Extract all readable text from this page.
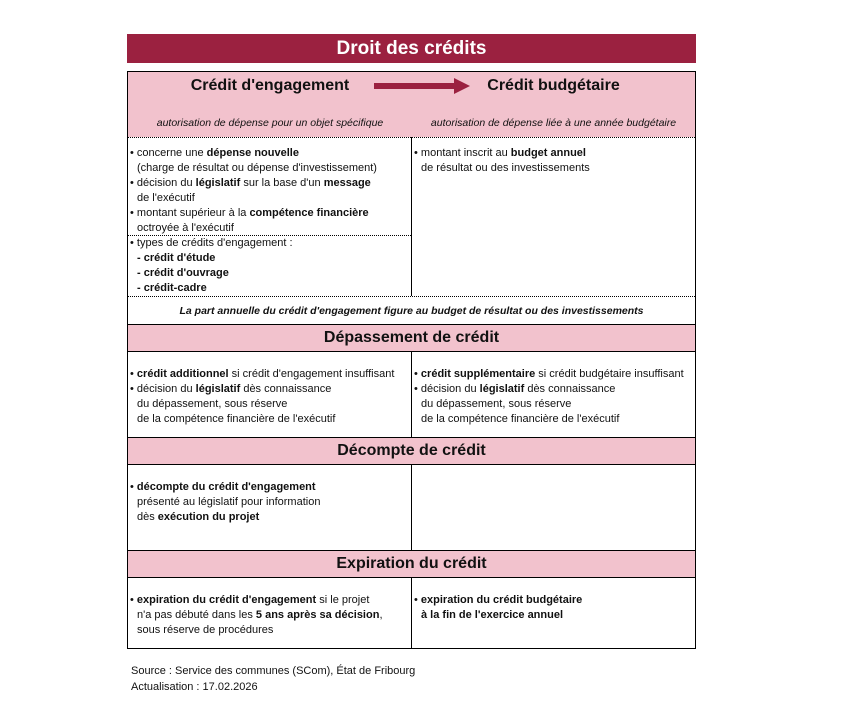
Droit des crédits
Crédit d'engagement	Crédit budgétaire
autorisation de dépense pour un objet spécifique	autorisation de dépense liée à une année budgétaire

• concerne une dépense nouvelle

(charge de résultat ou dépense d'investissement)

• décision du législatif sur la base d'un message

de l'exécutif

• montant supérieur à la compétence financière

octroyée à l'exécutif

• types de crédits d'engagement :

- crédit d'étude

- crédit d'ouvrage

- crédit-cadre

• montant inscrit au budget annuel

de résultat ou des investissements

La part annuelle du crédit d'engagement figure au budget de résultat ou des investissements
Dépassement de crédit

• crédit additionnel si crédit d'engagement insuffisant

• décision du législatif dès connaissance

du dépassement, sous réserve

de la compétence financière de l'exécutif

• crédit supplémentaire si crédit budgétaire insuffisant

• décision du législatif dès connaissance

du dépassement, sous réserve

de la compétence financière de l'exécutif

Décompte de crédit

• décompte du crédit d'engagement

présenté au législatif pour information

dès exécution du projet

Expiration du crédit

• expiration du crédit d'engagement si le projet

n'a pas débuté dans les 5 ans après sa décision,

sous réserve de procédures

• expiration du crédit budgétaire

à la fin de l'exercice annuel

Source : Service des communes (SCom), État de Fribourg

Actualisation : 17.02.2026
